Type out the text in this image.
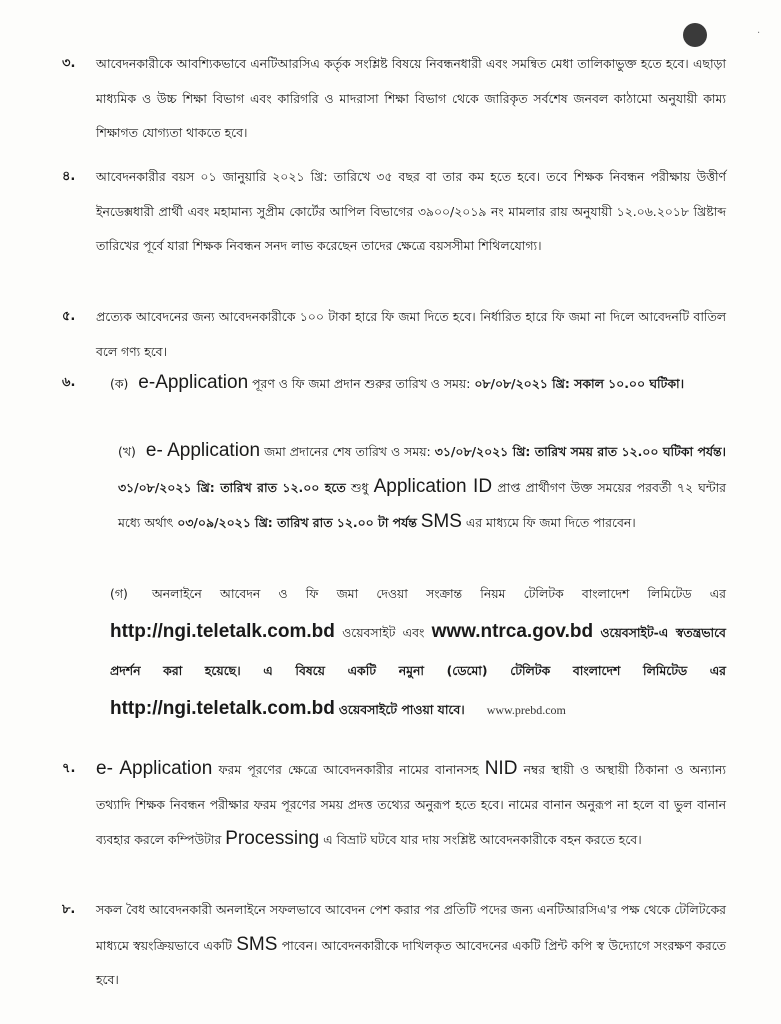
·
৩. আবেদনকারীকে আবশ্যিকভাবে এনটিআরসিএ কর্তৃক সংশ্লিষ্ট বিষয়ে নিবন্ধনধারী এবং সমন্বিত মেধা তালিকাভুক্ত হতে হবে। এছাড়া মাধ্যমিক ও উচ্চ শিক্ষা বিভাগ এবং কারিগরি ও মাদরাসা শিক্ষা বিভাগ থেকে জারিকৃত সর্বশেষ জনবল কাঠামো অনুযায়ী কাম্য শিক্ষাগত যোগ্যতা থাকতে হবে।
৪. আবেদনকারীর বয়স ০১ জানুয়ারি ২০২১ খ্রি: তারিখে ৩৫ বছর বা তার কম হতে হবে। তবে শিক্ষক নিবন্ধন পরীক্ষায় উত্তীর্ণ ইনডেক্সধারী প্রার্থী এবং মহামান্য সুপ্রীম কোর্টের আপিল বিভাগের ৩৯০০/২০১৯ নং মামলার রায় অনুযায়ী ১২.০৬.২০১৮ খ্রিষ্টাব্দ তারিখের পূর্বে যারা শিক্ষক নিবন্ধন সনদ লাভ করেছেন তাদের ক্ষেত্রে বয়সসীমা শিথিলযোগ্য।
৫. প্রত্যেক আবেদনের জন্য আবেদনকারীকে ১০০ টাকা হারে ফি জমা দিতে হবে। নির্ধারিত হারে ফি জমা না দিলে আবেদনটি বাতিল বলে গণ্য হবে।
৬.	(ক) e-Application পূরণ ও ফি জমা প্রদান শুরুর তারিখ ও সময়: ০৮/০৮/২০২১ খ্রি: সকাল ১০.০০ ঘটিকা।
(খ) e- Application জমা প্রদানের শেষ তারিখ ও সময়: ৩১/০৮/২০২১ খ্রি: তারিখ সময় রাত ১২.০০ ঘটিকা পর্যন্ত। ৩১/০৮/২০২১ খ্রি: তারিখ রাত ১২.০০ হতে শুধু Application ID প্রাপ্ত প্রার্থীগণ উক্ত সময়ের পরবর্তী ৭২ ঘন্টার মধ্যে অর্থাৎ ০৩/০৯/২০২১ খ্রি: তারিখ রাত ১২.০০ টা পর্যন্ত SMS এর মাধ্যমে ফি জমা দিতে পারবেন।
(গ) অনলাইনে আবেদন ও ফি জমা দেওয়া সংক্রান্ত নিয়ম টেলিটক বাংলাদেশ লিমিটেড এর http://ngi.teletalk.com.bd ওয়েবসাইট এবং www.ntrca.gov.bd ওয়েবসাইট-এ স্বতন্ত্রভাবে প্রদর্শন করা হয়েছে। এ বিষয়ে একটি নমুনা (ডেমো) টেলিটক বাংলাদেশ লিমিটেড এর http://ngi.teletalk.com.bd ওয়েবসাইটে পাওয়া যাবে। www.prebd.com
৭. e- Application ফরম পূরণের ক্ষেত্রে আবেদনকারীর নামের বানানসহ NID নম্বর স্থায়ী ও অস্থায়ী ঠিকানা ও অন্যান্য তথ্যাদি শিক্ষক নিবন্ধন পরীক্ষার ফরম পূরণের সময় প্রদত্ত তথ্যের অনুরূপ হতে হবে। নামের বানান অনুরূপ না হলে বা ভুল বানান ব্যবহার করলে কম্পিউটার Processing এ বিভ্রাট ঘটবে যার দায় সংশ্লিষ্ট আবেদনকারীকে বহন করতে হবে।
৮. সকল বৈধ আবেদনকারী অনলাইনে সফলভাবে আবেদন পেশ করার পর প্রতিটি পদের জন্য এনটিআরসিএ'র পক্ষ থেকে টেলিটকের মাধ্যমে স্বয়ংক্রিয়ভাবে একটি SMS পাবেন। আবেদনকারীকে দাখিলকৃত আবেদনের একটি প্রিন্ট কপি স্ব উদ্যোগে সংরক্ষণ করতে হবে।
